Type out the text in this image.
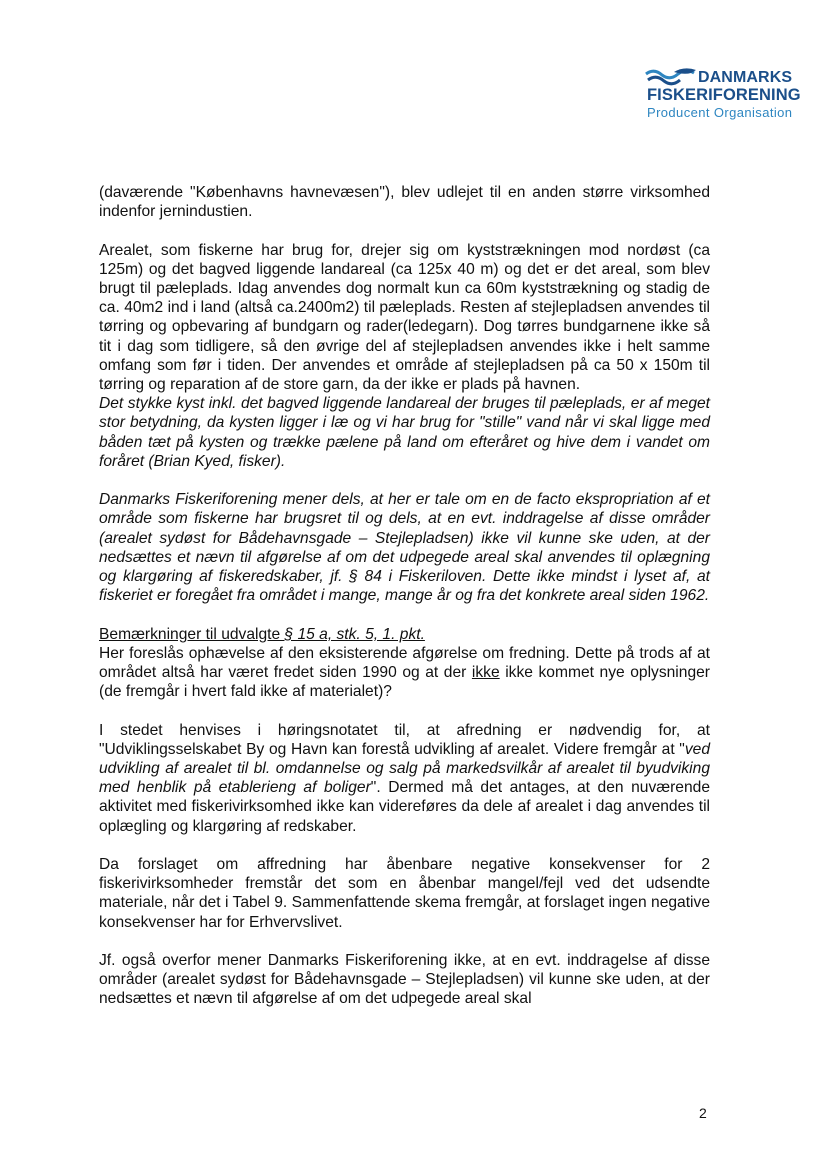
DANMARKS
FISKERIFORENING
Producent Organisation

(daværende "Københavns havnevæsen"), blev udlejet til en anden større virksomhed indenfor jernindustien.

Arealet, som fiskerne har brug for, drejer sig om kyststrækningen mod nordøst (ca 125m) og det bagved liggende landareal (ca 125x 40 m) og det er det areal, som blev brugt til pæleplads. Idag anvendes dog normalt kun ca 60m kyststrækning og stadig de ca. 40m2 ind i land (altså ca.2400m2) til pæleplads. Resten af stejlepladsen anvendes til tørring og opbevaring af bundgarn og rader(ledegarn). Dog tørres bundgarnene ikke så tit i dag som tidligere, så den øvrige del af stejlepladsen anvendes ikke i helt samme omfang som før i tiden. Der anvendes et område af stejlepladsen på ca 50 x 150m til tørring og reparation af de store garn, da der ikke er plads på havnen.

Det stykke kyst inkl. det bagved liggende landareal der bruges til pæleplads, er af meget stor betydning, da kysten ligger i læ og vi har brug for "stille" vand når vi skal ligge med båden tæt på kysten og trække pælene på land om efteråret og hive dem i vandet om foråret (Brian Kyed, fisker).

Danmarks Fiskeriforening mener dels, at her er tale om en de facto ekspropriation af et område som fiskerne har brugsret til og dels, at en evt. inddragelse af disse områder (arealet sydøst for Bådehavnsgade – Stejlepladsen) ikke vil kunne ske uden, at der nedsættes et nævn til afgørelse af om det udpegede areal skal anvendes til oplægning og klargøring af fiskeredskaber, jf. § 84 i Fiskeriloven. Dette ikke mindst i lyset af, at fiskeriet er foregået fra området i mange, mange år og fra det konkrete areal siden 1962.

Bemærkninger til udvalgte § 15 a, stk. 5, 1. pkt.

Her foreslås ophævelse af den eksisterende afgørelse om fredning. Dette på trods af at området altså har været fredet siden 1990 og at der ikke ikke kommet nye oplysninger (de fremgår i hvert fald ikke af materialet)?

I stedet henvises i høringsnotatet til, at afredning er nødvendig for, at "Udviklingsselskabet By og Havn kan forestå udvikling af arealet. Videre fremgår at "ved udvikling af arealet til bl. omdannelse og salg på markedsvilkår af arealet til byudviking med henblik på etablerieng af boliger". Dermed må det antages, at den nuværende aktivitet med fiskerivirksomhed ikke kan videreføres da dele af arealet i dag anvendes til oplægling og klargøring af redskaber.

Da forslaget om affredning har åbenbare negative konsekvenser for 2 fiskerivirksomheder fremstår det som en åbenbar mangel/fejl ved det udsendte materiale, når det i Tabel 9. Sammenfattende skema fremgår, at forslaget ingen negative konsekvenser har for Erhvervslivet.

Jf. også overfor mener Danmarks Fiskeriforening ikke, at en evt. inddragelse af disse områder (arealet sydøst for Bådehavnsgade – Stejlepladsen) vil kunne ske uden, at der nedsættes et nævn til afgørelse af om det udpegede areal skal

2
